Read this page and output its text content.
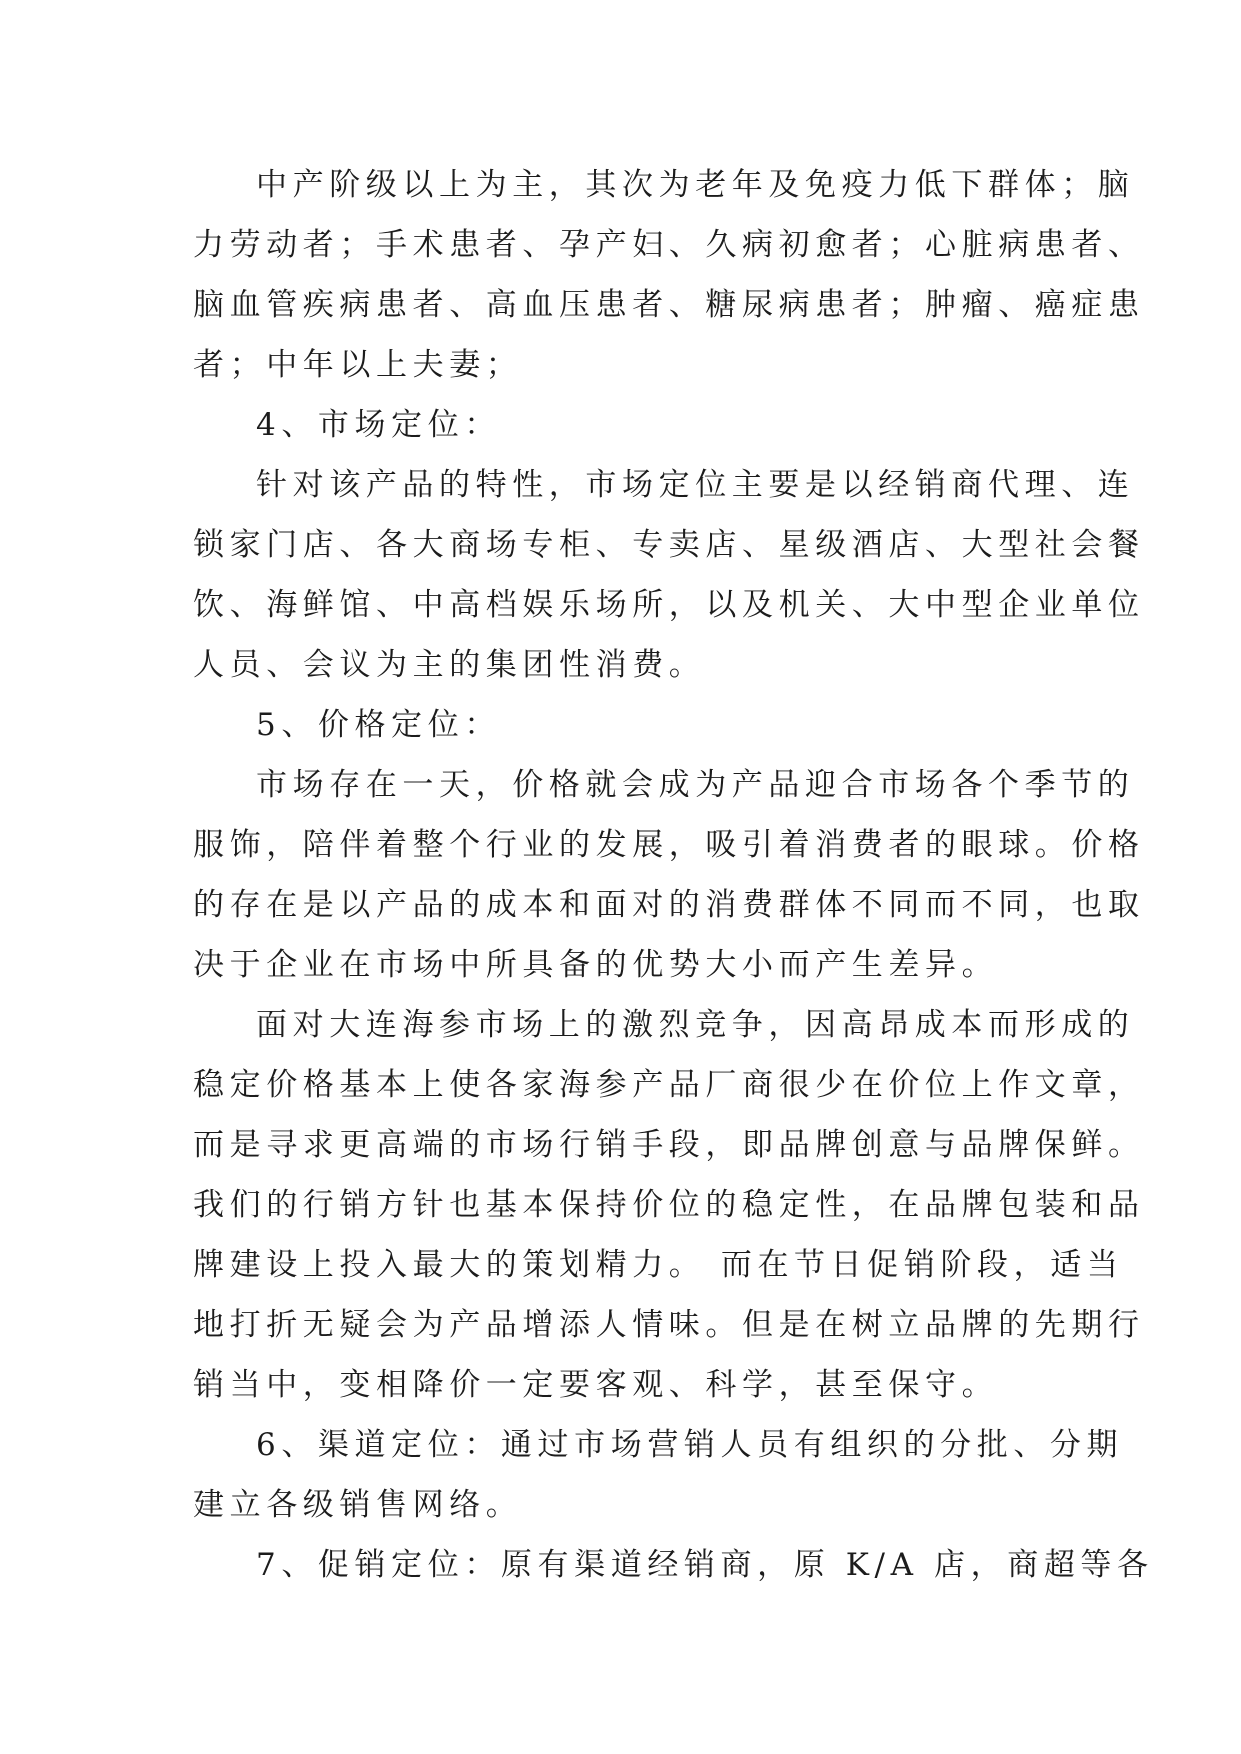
中产阶级以上为主，其次为老年及免疫力低下群体；脑
力劳动者；手术患者、孕产妇、久病初愈者；心脏病患者、
脑血管疾病患者、高血压患者、糖尿病患者；肿瘤、癌症患
者；中年以上夫妻；
4、市场定位：
针对该产品的特性，市场定位主要是以经销商代理、连
锁家门店、各大商场专柜、专卖店、星级酒店、大型社会餐
饮、海鲜馆、中高档娱乐场所，以及机关、大中型企业单位
人员、会议为主的集团性消费。
5、价格定位：
市场存在一天，价格就会成为产品迎合市场各个季节的
服饰，陪伴着整个行业的发展，吸引着消费者的眼球。价格
的存在是以产品的成本和面对的消费群体不同而不同，也取
决于企业在市场中所具备的优势大小而产生差异。
面对大连海参市场上的激烈竞争，因高昂成本而形成的
稳定价格基本上使各家海参产品厂商很少在价位上作文章，
而是寻求更高端的市场行销手段，即品牌创意与品牌保鲜。
我们的行销方针也基本保持价位的稳定性，在品牌包装和品
牌建设上投入最大的策划精力。 而在节日促销阶段，适当
地打折无疑会为产品增添人情味。但是在树立品牌的先期行
销当中，变相降价一定要客观、科学，甚至保守。
6、渠道定位：通过市场营销人员有组织的分批、分期
建立各级销售网络。
7、促销定位：原有渠道经销商，原 K/A 店，商超等各
